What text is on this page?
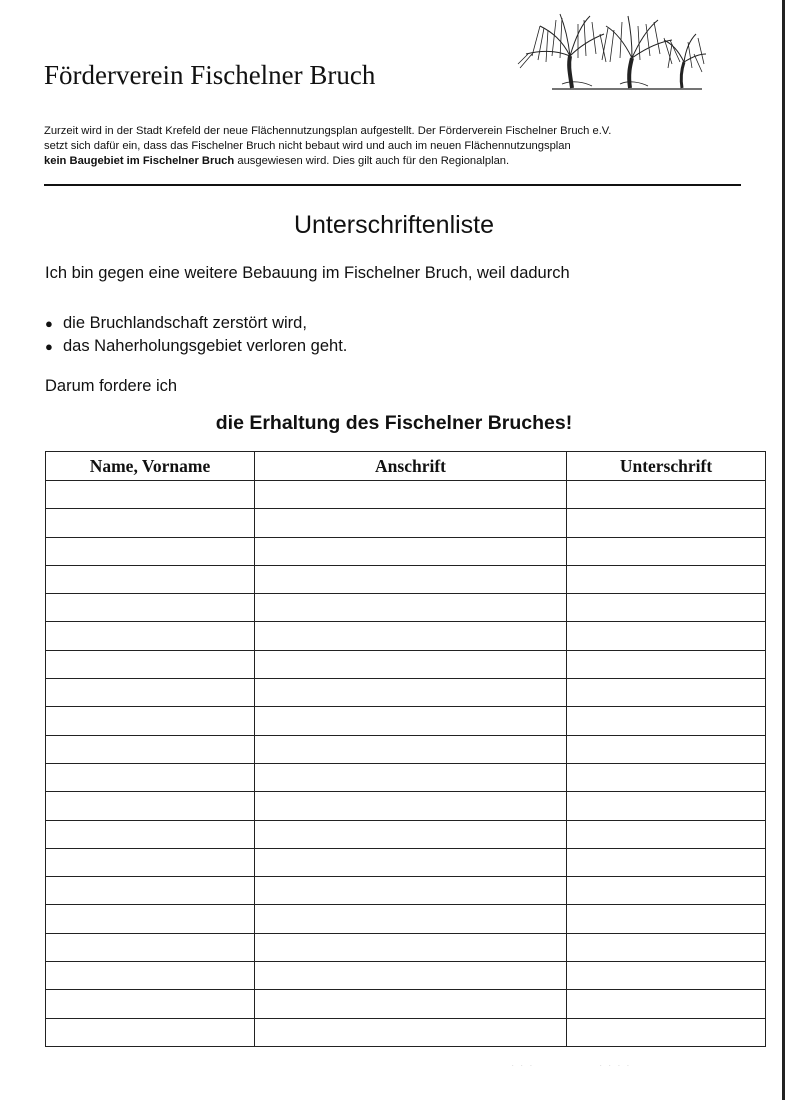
Förderverein Fischelner Bruch
Zurzeit wird in der Stadt Krefeld der neue Flächennutzungsplan aufgestellt. Der Förderverein Fischelner Bruch e.V.
setzt sich dafür ein, dass das Fischelner Bruch nicht bebaut wird und auch im neuen Flächennutzungsplan
kein Baugebiet im Fischelner Bruch ausgewiesen wird. Dies gilt auch für den Regionalplan.
Unterschriftenliste
Ich bin gegen eine weitere Bebauung im Fischelner Bruch, weil dadurch
● die Bruchlandschaft zerstört wird,
● das Naherholungsgebiet verloren geht.
Darum fordere ich
die Erhaltung des Fischelner Bruches!
Name, Vorname	Anschrift	Unterschrift

· · ·	· · · ·
